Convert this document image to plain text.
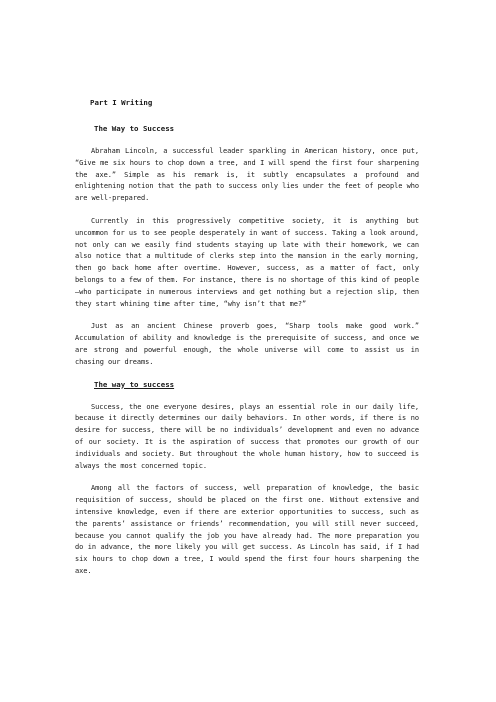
Part I Writing
The Way to Success

Abraham Lincoln, a successful leader sparkling in American history, once put, “Give me six hours to chop down a tree, and I will spend the first four sharpening the axe.” Simple as his remark is, it subtly encapsulates a profound and enlightening notion that the path to success only lies under the feet of people who are well-prepared.

Currently in this progressively competitive society, it is anything but uncommon for us to see people desperately in want of success. Taking a look around, not only can we easily find students staying up late with their homework, we can also notice that a multitude of clerks step into the mansion in the early morning, then go back home after overtime. However, success, as a matter of fact, only belongs to a few of them. For instance, there is no shortage of this kind of people—who participate in numerous interviews and get nothing but a rejection slip, then they start whining time after time, “why isn’t that me?”

Just as an ancient Chinese proverb goes, “Sharp tools make good work.” Accumulation of ability and knowledge is the prerequisite of success, and once we are strong and powerful enough, the whole universe will come to assist us in chasing our dreams.

The way to success

Success, the one everyone desires, plays an essential role in our daily life, because it directly determines our daily behaviors. In other words, if there is no desire for success, there will be no individuals’ development and even no advance of our society. It is the aspiration of success that promotes our growth of our individuals and society. But throughout the whole human history, how to succeed is always the most concerned topic.

Among all the factors of success, well preparation of knowledge, the basic requisition of success, should be placed on the first one. Without extensive and intensive knowledge, even if there are exterior opportunities to success, such as the parents’ assistance or friends’ recommendation, you will still never succeed, because you cannot qualify the job you have already had. The more preparation you do in advance, the more likely you will get success. As Lincoln has said, if I had six hours to chop down a tree, I would spend the first four hours sharpening the axe.
